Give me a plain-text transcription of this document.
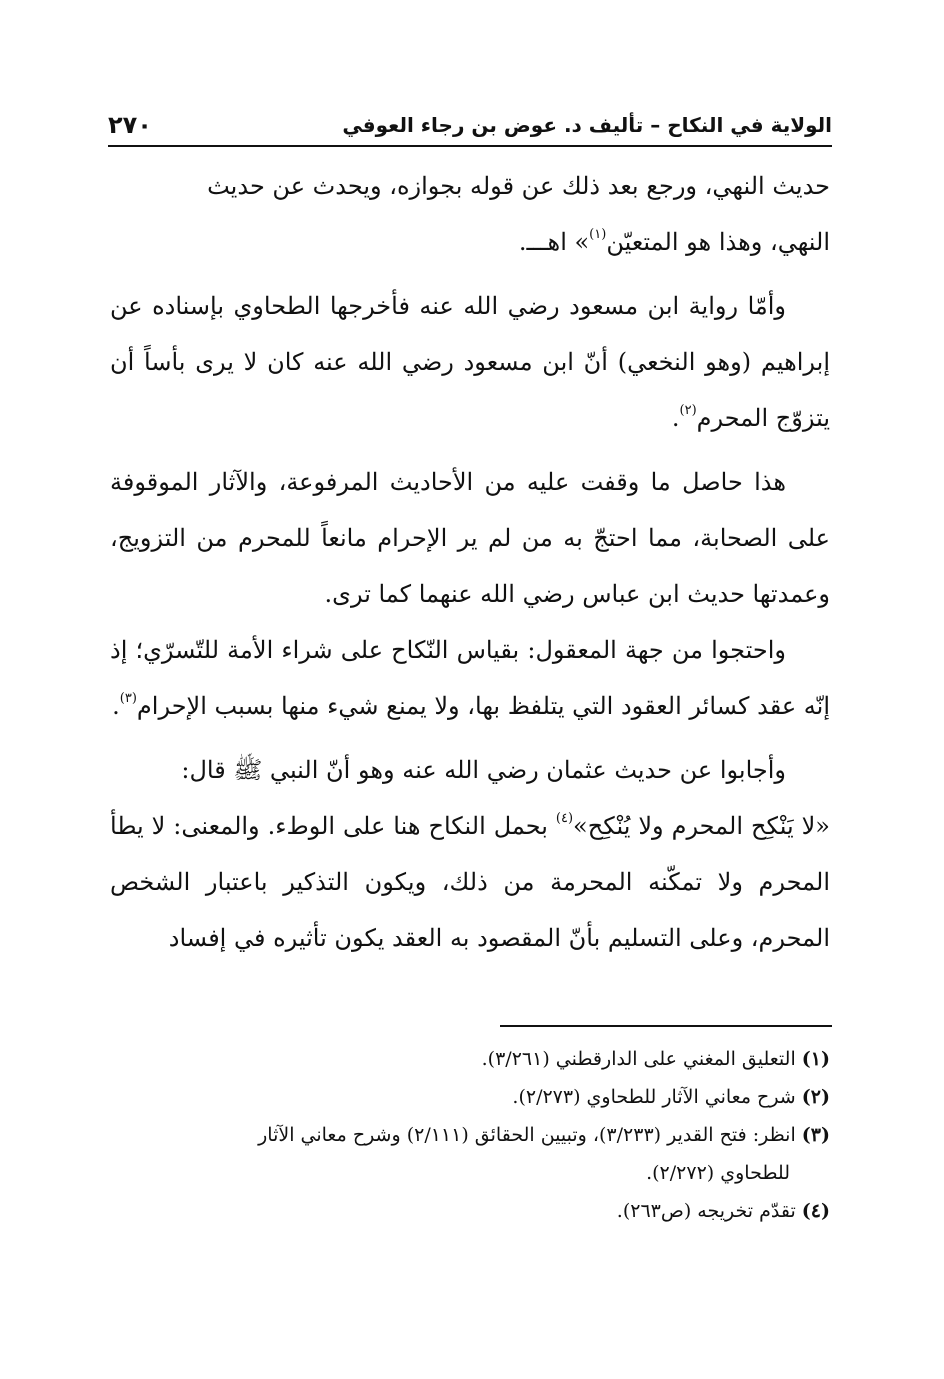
الولاية في النكاح – تأليف د. عوض بن رجاء العوفي
٢٧٠

حديث النهي، ورجع بعد ذلك عن قوله بجوازه، ويحدث عن حديث
النهي، وهذا هو المتعيّن$^{(١)}$» اهـــ.

وأمّا رواية ابن مسعود رضي الله عنه فأخرجها الطحاوي بإسناده عن إبراهيم (وهو النخعي) أنّ ابن مسعود رضي الله عنه كان لا يرى بأساً أن يتزوّج المحرم$^{(٢)}$.

هذا حاصل ما وقفت عليه من الأحاديث المرفوعة، والآثار الموقوفة على الصحابة، مما احتجّ به من لم ير الإحرام مانعاً للمحرم من التزويج، وعمدتها حديث ابن عباس رضي الله عنهما كما ترى.

واحتجوا من جهة المعقول: بقياس النّكاح على شراء الأمة للتّسرّي؛ إذ إنّه عقد كسائر العقود التي يتلفظ بها، ولا يمنع شيء منها بسبب الإحرام$^{(٣)}$.

وأجابوا عن حديث عثمان رضي الله عنه وهو أنّ النبي ﷺ قال:
«لا يَنْكِح المحرم ولا يُنْكِح»$^{(٤)}$ بحمل النكاح هنا على الوطء. والمعنى: لا يطأ المحرم ولا تمكّنه المحرمة من ذلك، ويكون التذكير باعتبار الشخص المحرم، وعلى التسليم بأنّ المقصود به العقد يكون تأثيره في إفساد

(١) التعليق المغني على الدارقطني (٣/٢٦١).

(٢) شرح معاني الآثار للطحاوي (٢/٢٧٣).

(٣) انظر: فتح القدير (٣/٢٣٣)، وتبيين الحقائق (٢/١١١) وشرح معاني الآثار
للطحاوي (٢/٢٧٢).

(٤) تقدّم تخريجه (ص٢٦٣).
